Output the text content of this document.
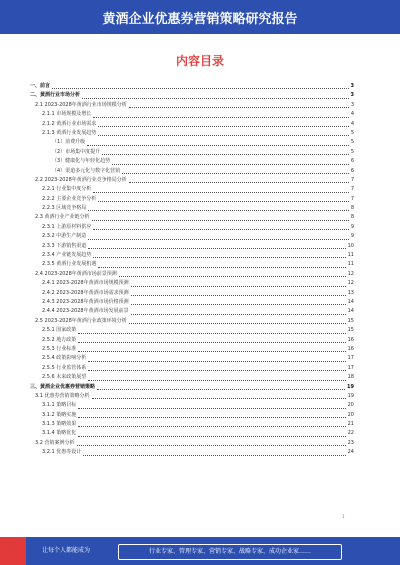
黄酒企业优惠券营销策略研究报告
内容目录
一、前言	3
二、黄酒行业市场分析	3
2.1 2023-2028年黄酒行业市场规模分析	3
2.1.1 市场规模及增长	4
2.1.2 黄酒行业市场需求	4
2.1.3 黄酒行业发展趋势	5
（1）消费升级	5
（2）市场集中度提升	5
（3）健康化与年轻化趋势	6
（4）渠道多元化与数字化营销	6
2.2 2023-2028年黄酒行业竞争格局分析	7
2.2.1 行业集中度分析	7
2.2.2 主要企业竞争分析	7
2.2.3 区域竞争格局	8
2.3 黄酒行业产业链分析	8
2.3.1 上游原材料供应	9
2.3.2 中游生产制造	9
2.3.3 下游销售渠道	10
2.3.4 产业链发展趋势	11
2.3.5 黄酒行业发展机遇	11
2.4 2023-2028年黄酒市场前景预测	12
2.4.1 2023-2028年黄酒市场规模预测	12
2.4.2 2023-2028年黄酒市场需求预测	13
2.4.3 2023-2028年黄酒市场价格预测	14
2.4.4 2023-2028年黄酒市场发展前景	14
2.5 2023-2028年黄酒行业政策环境分析	15
2.5.1 国家政策	15
2.5.2 地方政策	16
2.5.3 行业标准	16
2.5.4 政策影响分析	17
2.5.5 行业监管体系	17
2.5.6 未来政策展望	18
三、黄酒企业优惠券营销策略	19
3.1 优惠券营销策略分析	19
3.1.1 策略目标	20
3.1.2 策略实施	20
3.1.3 策略效果	21
3.1.4 策略优化	22
3.2 营销案例分析	23
3.2.1 优惠券设计	24
1
让每个人都能成为	行业专家、管理专家、营销专家、战略专家、成功企业家……
